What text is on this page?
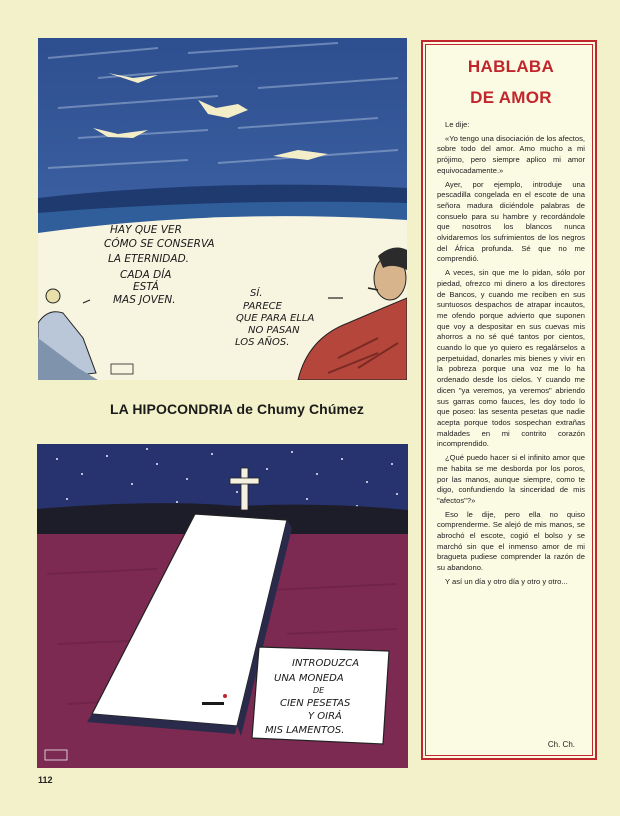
HAY QUE VER
CÓMO SE CONSERVA
LA ETERNIDAD.
CADA DÍA
ESTÁ
MAS JOVEN.
SÍ.
PARECE
QUE PARA ELLA
NO PASAN
LOS AÑOS.
LA HIPOCONDRIA de Chumy Chúmez
INTRODUZCA
UNA MONEDA
DE
CIEN PESETAS
Y OIRÁ
MIS LAMENTOS.
HABLABA
DE AMOR

Le dije:

«Yo tengo una disociación de los afectos, sobre todo del amor. Amo mucho a mi prójimo, pero siempre aplico mi amor equivocadamente.»

Ayer, por ejemplo, introduje una pescadilla congelada en el escote de una señora madura diciéndole palabras de consuelo para su hambre y recordándole que nosotros los blancos nunca olvidaremos los sufrimientos de los negros del África profunda. Sé que no me comprendió.

A veces, sin que me lo pidan, sólo por piedad, ofrezco mi dinero a los directores de Bancos, y cuando me reciben en sus suntuosos despachos de atrapar incautos, me ofendo porque advierto que suponen que voy a despositar en sus cuevas mis ahorros a no sé qué tantos por cientos, cuando lo que yo quiero es regalárselos a perpetuidad, donarles mis bienes y vivir en la pobreza porque una voz me lo ha ordenado desde los cielos. Y cuando me dicen "ya veremos, ya veremos" abriendo sus garras como fauces, les doy todo lo que poseo: las sesenta pesetas que nadie acepta porque todos sospechan extrañas maldades en mi contrito corazón incomprendido.

¿Qué puedo hacer si el infinito amor que me habita se me desborda por los poros, por las manos, aunque siempre, como te digo, confundiendo la sinceridad de mis "afectos"?»

Eso le dije, pero ella no quiso comprenderme. Se alejó de mis manos, se abrochó el escote, cogió el bolso y se marchó sin que el inmenso amor de mi bragueta pudiese comprender la razón de su abandono.

Y así un día y otro día y otro y otro...

Ch. Ch.
112
